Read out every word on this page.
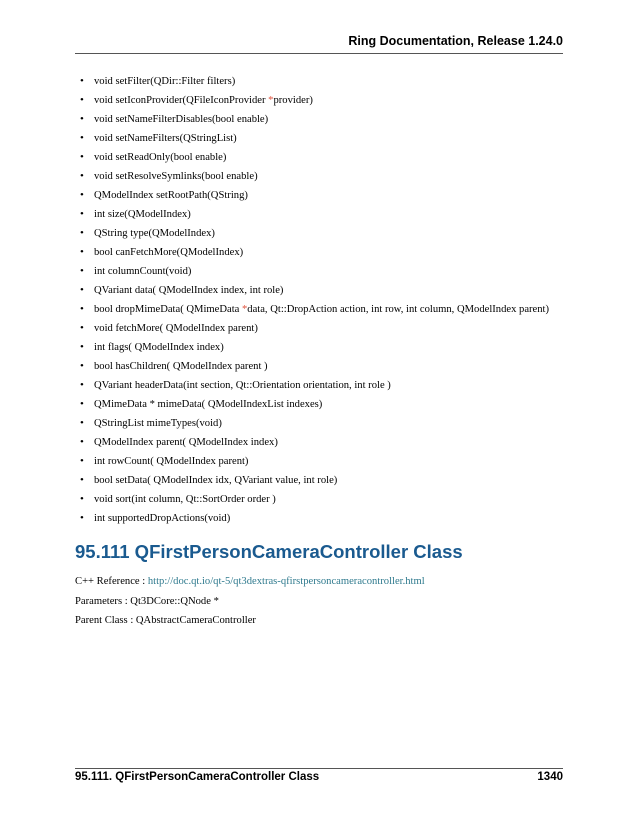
Ring Documentation, Release 1.24.0
• void setFilter(QDir::Filter filters)
• void setIconProvider(QFileIconProvider *provider)
• void setNameFilterDisables(bool enable)
• void setNameFilters(QStringList)
• void setReadOnly(bool enable)
• void setResolveSymlinks(bool enable)
• QModelIndex setRootPath(QString)
• int size(QModelIndex)
• QString type(QModelIndex)
• bool canFetchMore(QModelIndex)
• int columnCount(void)
• QVariant data( QModelIndex index, int role)
• bool dropMimeData( QMimeData *data, Qt::DropAction action, int row, int column, QModelIndex parent)
• void fetchMore( QModelIndex parent)
• int flags( QModelIndex index)
• bool hasChildren( QModelIndex parent )
• QVariant headerData(int section, Qt::Orientation orientation, int role )
• QMimeData * mimeData( QModelIndexList indexes)
• QStringList mimeTypes(void)
• QModelIndex parent( QModelIndex index)
• int rowCount( QModelIndex parent)
• bool setData( QModelIndex idx, QVariant value, int role)
• void sort(int column, Qt::SortOrder order )
• int supportedDropActions(void)
95.111 QFirstPersonCameraController Class
C++ Reference : http://doc.qt.io/qt-5/qt3dextras-qfirstpersoncameracontroller.html
Parameters : Qt3DCore::QNode *
Parent Class : QAbstractCameraController
95.111. QFirstPersonCameraController Class	1340
